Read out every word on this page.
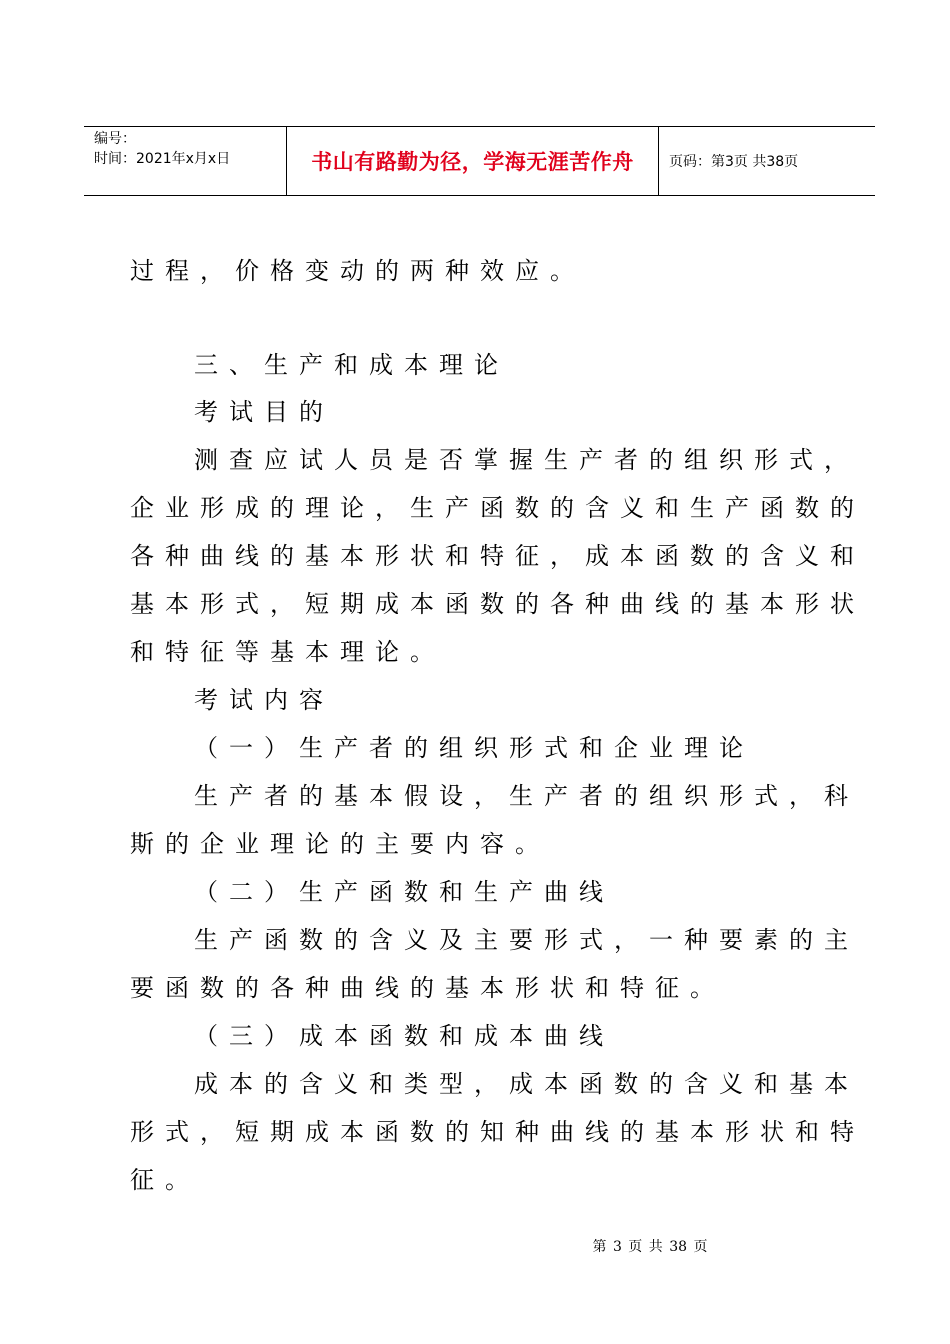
编号：
时间：2021年x月x日	书山有路勤为径，学海无涯苦作舟	页码：第3页 共38页

过程，价格变动的两种效应。

三、生产和成本理论

考试目的

测查应试人员是否掌握生产者的组织形式，

企业形成的理论，生产函数的含义和生产函数的

各种曲线的基本形状和特征，成本函数的含义和

基本形式，短期成本函数的各种曲线的基本形状

和特征等基本理论。

考试内容

（一）生产者的组织形式和企业理论

生产者的基本假设，生产者的组织形式，科

斯的企业理论的主要内容。

（二）生产函数和生产曲线

生产函数的含义及主要形式，一种要素的主

要函数的各种曲线的基本形状和特征。

（三）成本函数和成本曲线

成本的含义和类型，成本函数的含义和基本

形式，短期成本函数的知种曲线的基本形状和特

征。

第 3 页 共 38 页
